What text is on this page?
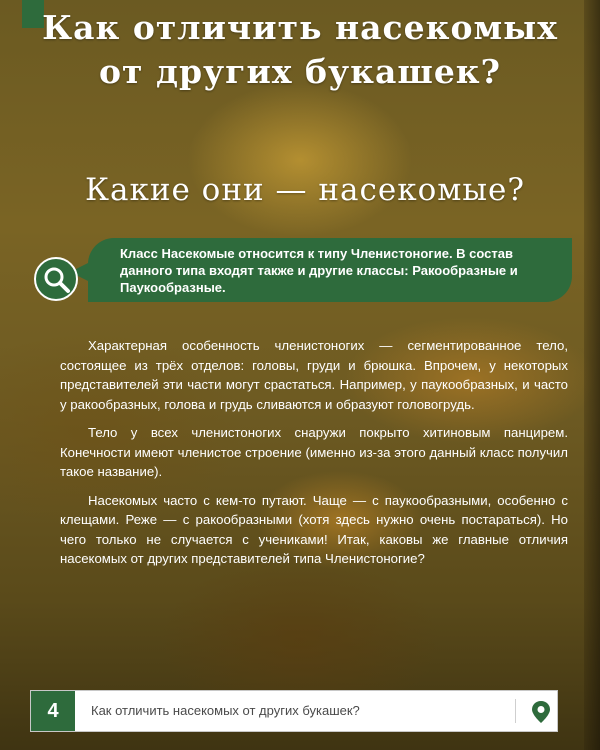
Как отличить насекомых
от других букашек?
Какие они — насекомые?
Класс Насекомые относится к типу Членистоногие. В состав данного типа входят также и другие классы: Ракообразные и Паукообразные.

Характерная особенность членистоногих — сегментированное тело, состоящее из трёх отделов: головы, груди и брюшка. Впрочем, у некоторых представителей эти части могут срастаться. Например, у паукообразных, и часто у ракообразных, голова и грудь сливаются и образуют головогрудь.

Тело у всех членистоногих снаружи покрыто хитиновым панцирем. Конечности имеют членистое строение (именно из-за этого данный класс получил такое название).

Насекомых часто с кем-то путают. Чаще — с паукообразными, особенно с клещами. Реже — с ракообразными (хотя здесь нужно очень постараться). Но чего только не случается с учениками! Итак, каковы же главные отличия насекомых от других представителей типа Членистоногие?

4	Как отличить насекомых от других букашек?
